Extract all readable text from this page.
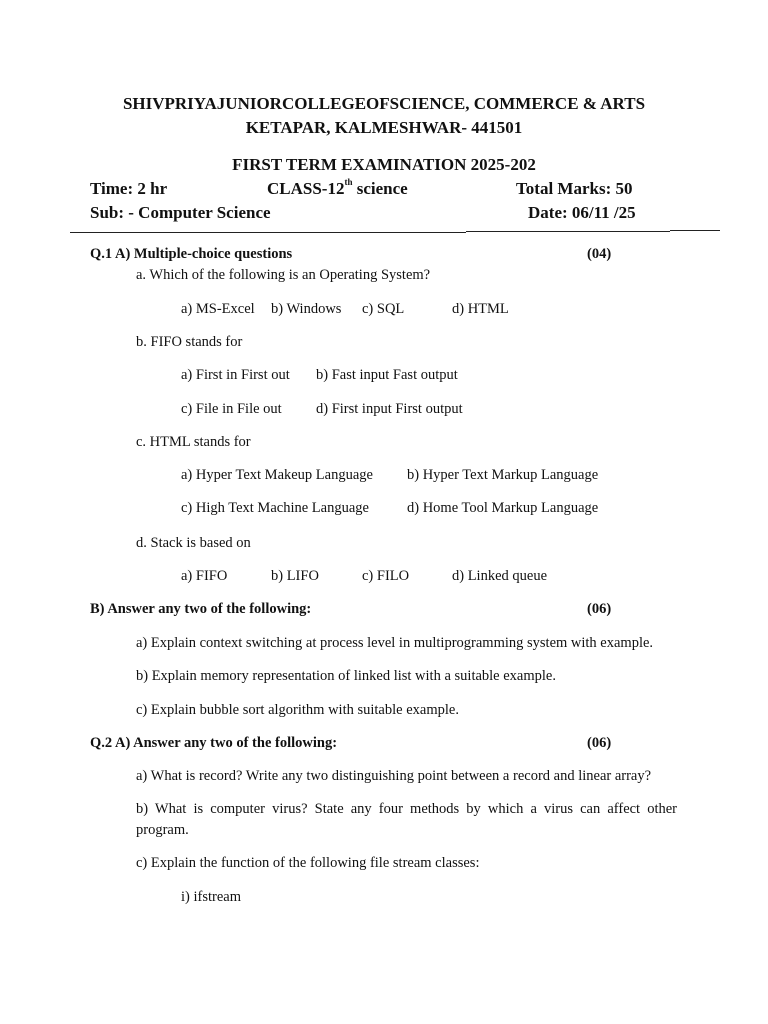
SHIVPRIYAJUNIORCOLLEGEOFSCIENCE, COMMERCE & ARTS
KETAPAR, KALMESHWAR- 441501
FIRST TERM EXAMINATION 2025-202
Time: 2 hr	CLASS-12th science	Total Marks: 50
Sub: - Computer Science	Date: 06/11 /25
Q.1 A) Multiple-choice questions	(04)
a. Which of the following is an Operating System?
a) MS-Excel b) Windows c) SQL	d) HTML
b. FIFO stands for
a) First in First out b) Fast input Fast output
c) File in File out d) First input First output
c. HTML stands for
a) Hyper Text Makeup Language b) Hyper Text Markup Language
c) High Text Machine Language	d) Home Tool Markup Language
d. Stack is based on
a) FIFO	b) LIFO	c) FILO	d) Linked queue
B) Answer any two of the following:	(06)
a) Explain context switching at process level in multiprogramming system with example.
b) Explain memory representation of linked list with a suitable example.
c) Explain bubble sort algorithm with suitable example.
Q.2 A) Answer any two of the following:	(06)
a) What is record? Write any two distinguishing point between a record and linear array?
b) What is computer virus? State any four methods by which a virus can affect other
program.
c) Explain the function of the following file stream classes:
i) ifstream
